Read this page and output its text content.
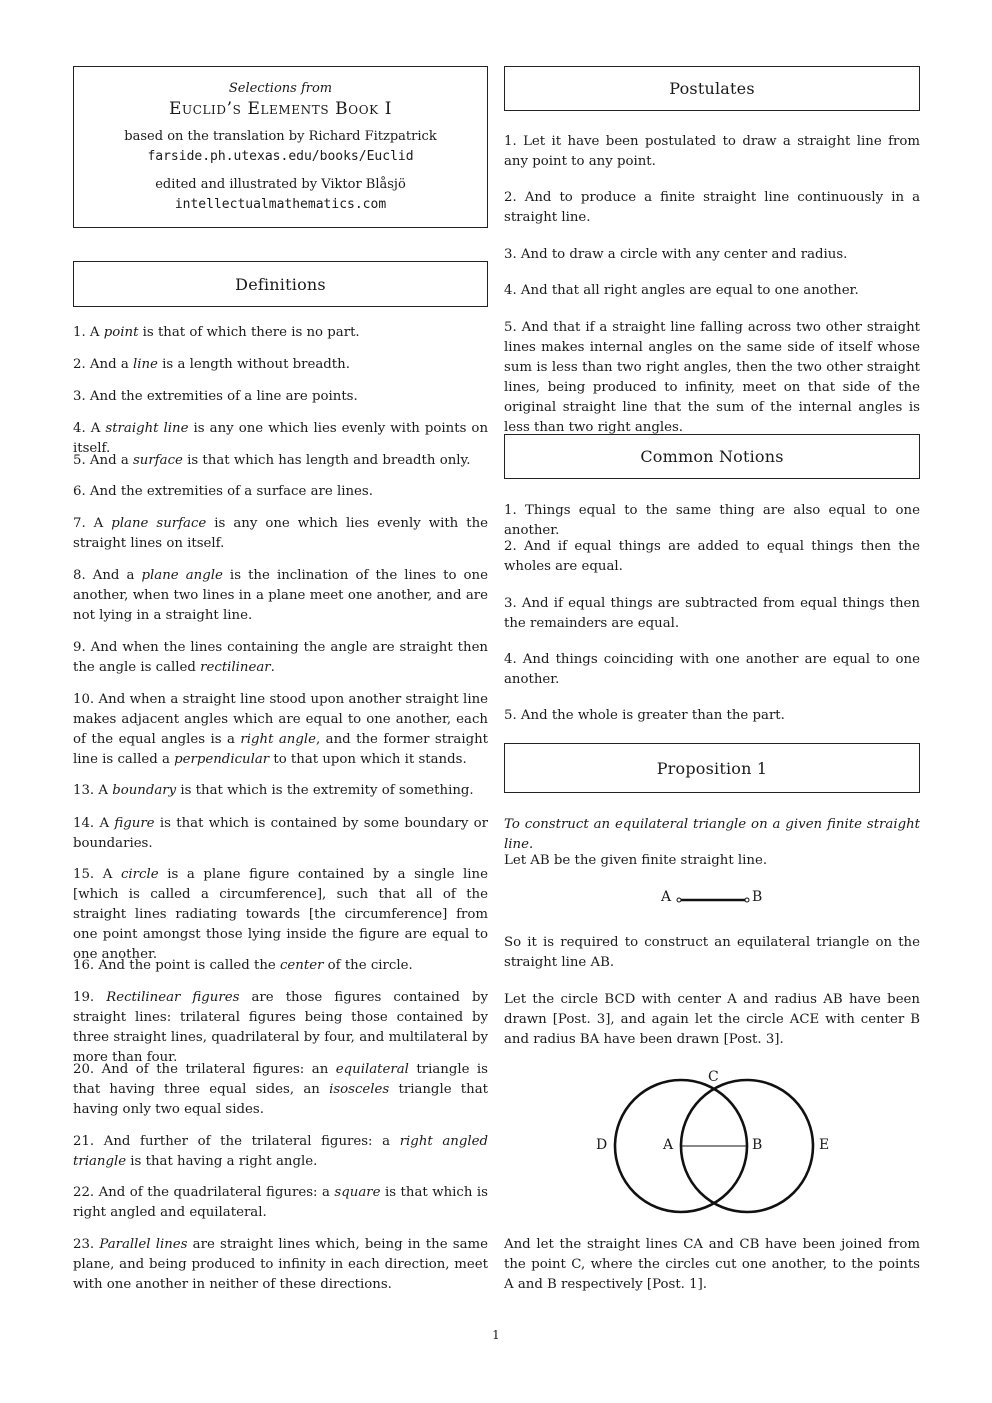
Selections from
Euclid’s Elements Book I
based on the translation by Richard Fitzpatrick
farside.ph.utexas.edu/books/Euclid
edited and illustrated by Viktor Blåsjö
intellectualmathematics.com
Definitions

1. A point is that of which there is no part.

2. And a line is a length without breadth.

3. And the extremities of a line are points.

4. A straight line is any one which lies evenly with points on itself.

5. And a surface is that which has length and breadth only.

6. And the extremities of a surface are lines.

7. A plane surface is any one which lies evenly with the straight lines on itself.

8. And a plane angle is the inclination of the lines to one another, when two lines in a plane meet one another, and are not lying in a straight line.

9. And when the lines containing the angle are straight then the angle is called rectilinear.

10. And when a straight line stood upon another straight line makes adjacent angles which are equal to one another, each of the equal angles is a right angle, and the former straight line is called a perpendicular to that upon which it stands.

13. A boundary is that which is the extremity of something.

14. A figure is that which is contained by some boundary or boundaries.

15. A circle is a plane figure contained by a single line [which is called a circumference], such that all of the straight lines radiating towards [the circumference] from one point amongst those lying inside the figure are equal to one another.

16. And the point is called the center of the circle.

19. Rectilinear figures are those figures contained by straight lines: trilateral figures being those contained by three straight lines, quadrilateral by four, and multilateral by more than four.

20. And of the trilateral figures: an equilateral triangle is that having three equal sides, an isosceles triangle that having only two equal sides.

21. And further of the trilateral figures: a right angled triangle is that having a right angle.

22. And of the quadrilateral figures: a square is that which is right angled and equilateral.

23. Parallel lines are straight lines which, being in the same plane, and being produced to infinity in each direction, meet with one another in neither of these directions.

Postulates

1. Let it have been postulated to draw a straight line from any point to any point.

2. And to produce a finite straight line continuously in a straight line.

3. And to draw a circle with any center and radius.

4. And that all right angles are equal to one another.

5. And that if a straight line falling across two other straight lines makes internal angles on the same side of itself whose sum is less than two right angles, then the two other straight lines, being produced to infinity, meet on that side of the original straight line that the sum of the internal angles is less than two right angles.

Common Notions

1. Things equal to the same thing are also equal to one another.

2. And if equal things are added to equal things then the wholes are equal.

3. And if equal things are subtracted from equal things then the remainders are equal.

4. And things coinciding with one another are equal to one another.

5. And the whole is greater than the part.

Proposition 1

To construct an equilateral triangle on a given finite straight line.

Let AB be the given finite straight line.

A	B

So it is required to construct an equilateral triangle on the straight line AB.

Let the circle BCD with center A and radius AB have been drawn [Post. 3], and again let the circle ACE with center B and radius BA have been drawn [Post. 3].

C
D	A	B	E

And let the straight lines CA and CB have been joined from the point C, where the circles cut one another, to the points A and B respectively [Post. 1].

1
